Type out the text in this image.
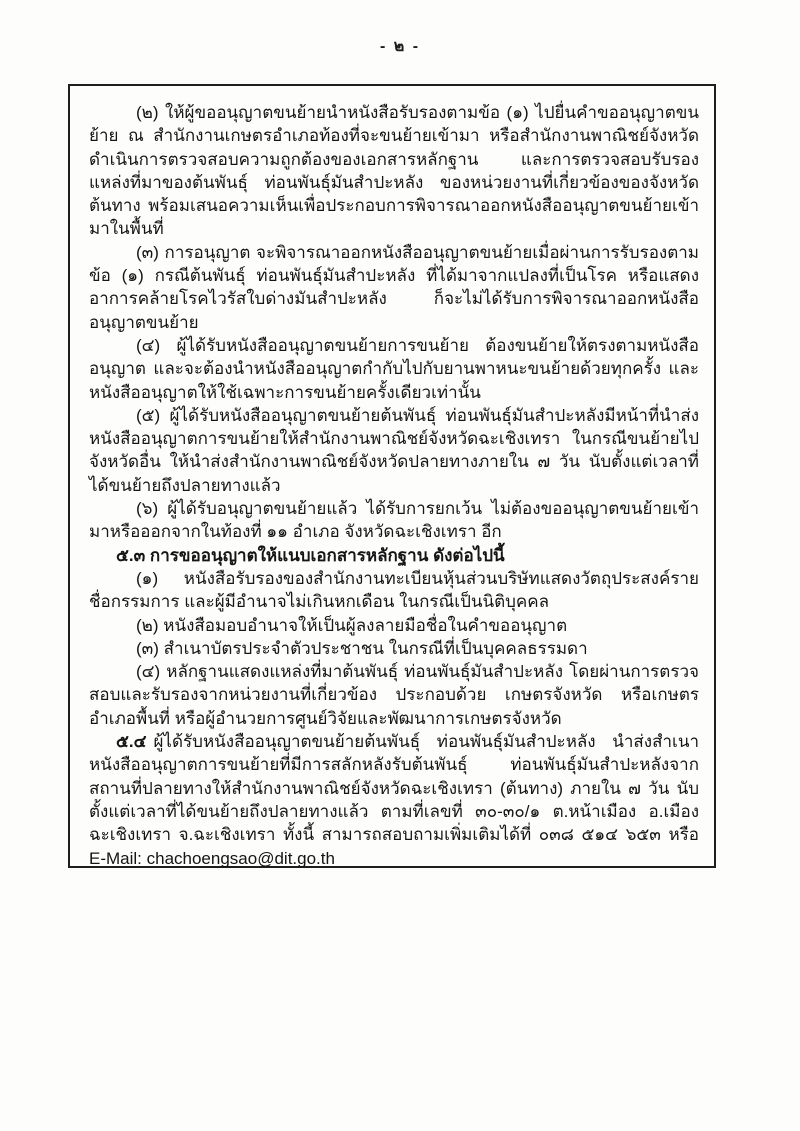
- ๒ -

(๒) ให้ผู้ขออนุญาตขนย้ายนำหนังสือรับรองตามข้อ (๑) ไปยื่นคำขออนุญาตขนย้าย ณ สำนักงานเกษตรอำเภอท้องที่จะขนย้ายเข้ามา หรือสำนักงานพาณิชย์จังหวัด ดำเนินการตรวจสอบความถูกต้องของเอกสารหลักฐาน และการตรวจสอบรับรองแหล่งที่มาของต้นพันธุ์ ท่อนพันธุ์มันสำปะหลัง ของหน่วยงานที่เกี่ยวข้องของจังหวัดต้นทาง พร้อมเสนอความเห็นเพื่อประกอบการพิจารณาออกหนังสืออนุญาตขนย้ายเข้ามาในพื้นที่

(๓) การอนุญาต จะพิจารณาออกหนังสืออนุญาตขนย้ายเมื่อผ่านการรับรองตามข้อ (๑) กรณีต้นพันธุ์ ท่อนพันธุ์มันสำปะหลัง ที่ได้มาจากแปลงที่เป็นโรค หรือแสดงอาการคล้ายโรคไวรัสใบด่างมันสำปะหลัง ก็จะไม่ได้รับการพิจารณาออกหนังสืออนุญาตขนย้าย

(๔) ผู้ได้รับหนังสืออนุญาตขนย้ายการขนย้าย ต้องขนย้ายให้ตรงตามหนังสืออนุญาต และจะต้องนำหนังสืออนุญาตกำกับไปกับยานพาหนะขนย้ายด้วยทุกครั้ง และหนังสืออนุญาตให้ใช้เฉพาะการขนย้ายครั้งเดียวเท่านั้น

(๕) ผู้ได้รับหนังสืออนุญาตขนย้ายต้นพันธุ์ ท่อนพันธุ์มันสำปะหลังมีหน้าที่นำส่งหนังสืออนุญาตการขนย้ายให้สำนักงานพาณิชย์จังหวัดฉะเชิงเทรา ในกรณีขนย้ายไปจังหวัดอื่น ให้นำส่งสำนักงานพาณิชย์จังหวัดปลายทางภายใน ๗ วัน นับตั้งแต่เวลาที่ได้ขนย้ายถึงปลายทางแล้ว

(๖) ผู้ได้รับอนุญาตขนย้ายแล้ว ได้รับการยกเว้น ไม่ต้องขออนุญาตขนย้ายเข้ามาหรือออกจากในท้องที่ ๑๑ อำเภอ จังหวัดฉะเชิงเทรา อีก

๕.๓ การขออนุญาตให้แนบเอกสารหลักฐาน ดังต่อไปนี้

(๑) หนังสือรับรองของสำนักงานทะเบียนหุ้นส่วนบริษัทแสดงวัตถุประสงค์รายชื่อกรรมการ และผู้มีอำนาจไม่เกินหกเดือน ในกรณีเป็นนิติบุคคล

(๒) หนังสือมอบอำนาจให้เป็นผู้ลงลายมือชื่อในคำขออนุญาต

(๓) สำเนาบัตรประจำตัวประชาชน ในกรณีที่เป็นบุคคลธรรมดา

(๔) หลักฐานแสดงแหล่งที่มาต้นพันธุ์ ท่อนพันธุ์มันสำปะหลัง โดยผ่านการตรวจสอบและรับรองจากหน่วยงานที่เกี่ยวข้อง ประกอบด้วย เกษตรจังหวัด หรือเกษตรอำเภอพื้นที่ หรือผู้อำนวยการศูนย์วิจัยและพัฒนาการเกษตรจังหวัด

๕.๔ ผู้ได้รับหนังสืออนุญาตขนย้ายต้นพันธุ์ ท่อนพันธุ์มันสำปะหลัง นำส่งสำเนาหนังสืออนุญาตการขนย้ายที่มีการสลักหลังรับต้นพันธุ์ ท่อนพันธุ์มันสำปะหลังจากสถานที่ปลายทางให้สำนักงานพาณิชย์จังหวัดฉะเชิงเทรา (ต้นทาง) ภายใน ๗ วัน นับตั้งแต่เวลาที่ได้ขนย้ายถึงปลายทางแล้ว ตามที่เลขที่ ๓๐-๓๐/๑ ต.หน้าเมือง อ.เมืองฉะเชิงเทรา จ.ฉะเชิงเทรา ทั้งนี้ สามารถสอบถามเพิ่มเติมได้ที่ ๐๓๘ ๕๑๔ ๖๕๓ หรือ E-Mail: chachoengsao@dit.go.th
